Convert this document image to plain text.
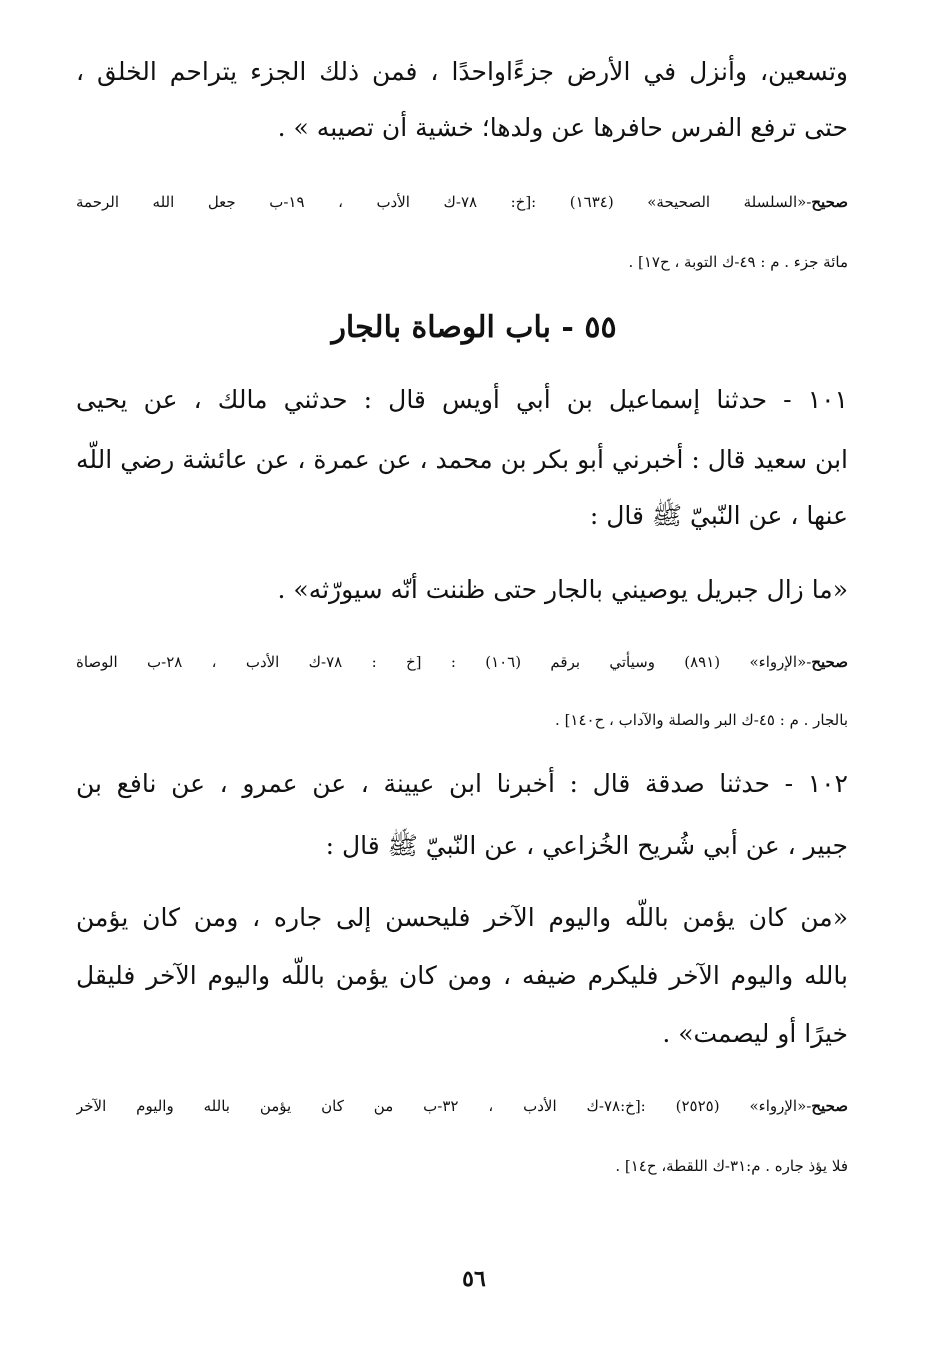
وتسعين، وأنزل في الأرض جزءًاواحدًا ، فمن ذلك الجزء يتراحم الخلق ،
حتى ترفع الفرس حافرها عن ولدها؛ خشية أن تصيبه » .
صحيح-«السلسلة الصحيحة» (١٦٣٤) :[خ: ٧٨-ك الأدب ، ١٩-ب جعل الله الرحمة
مائة جزء . م : ٤٩-ك التوبة ، ح١٧] .
٥٥ - باب الوصاة بالجار
١٠١ - حدثنا إسماعيل بن أبي أويس قال : حدثني مالك ، عن يحيى
ابن سعيد قال : أخبرني أبو بكر بن محمد ، عن عمرة ، عن عائشة رضي اللّه
عنها ، عن النّبيّ ﷺ قال :
«ما زال جبريل يوصيني بالجار حتى ظننت أنّه سيورّثه» .
صحيح-«الإرواء» (٨٩١) وسيأتي برقم (١٠٦) : [خ : ٧٨-ك الأدب ، ٢٨-ب الوصاة
بالجار . م : ٤٥-ك البر والصلة والآداب ، ح١٤٠] .
١٠٢ - حدثنا صدقة قال : أخبرنا ابن عيينة ، عن عمرو ، عن نافع بن
جبير ، عن أبي شُريح الخُزاعي ، عن النّبيّ ﷺ قال :
«من كان يؤمن باللّه واليوم الآخر فليحسن إلى جاره ، ومن كان يؤمن
بالله واليوم الآخر فليكرم ضيفه ، ومن كان يؤمن باللّه واليوم الآخر فليقل
خيرًا أو ليصمت» .
صحيح-«الإرواء» (٢٥٢٥) :[خ:٧٨-ك الأدب ، ٣٢-ب من كان يؤمن بالله واليوم الآخر
فلا يؤذ جاره . م:٣١-ك اللقطة، ح١٤] .
٥٦
